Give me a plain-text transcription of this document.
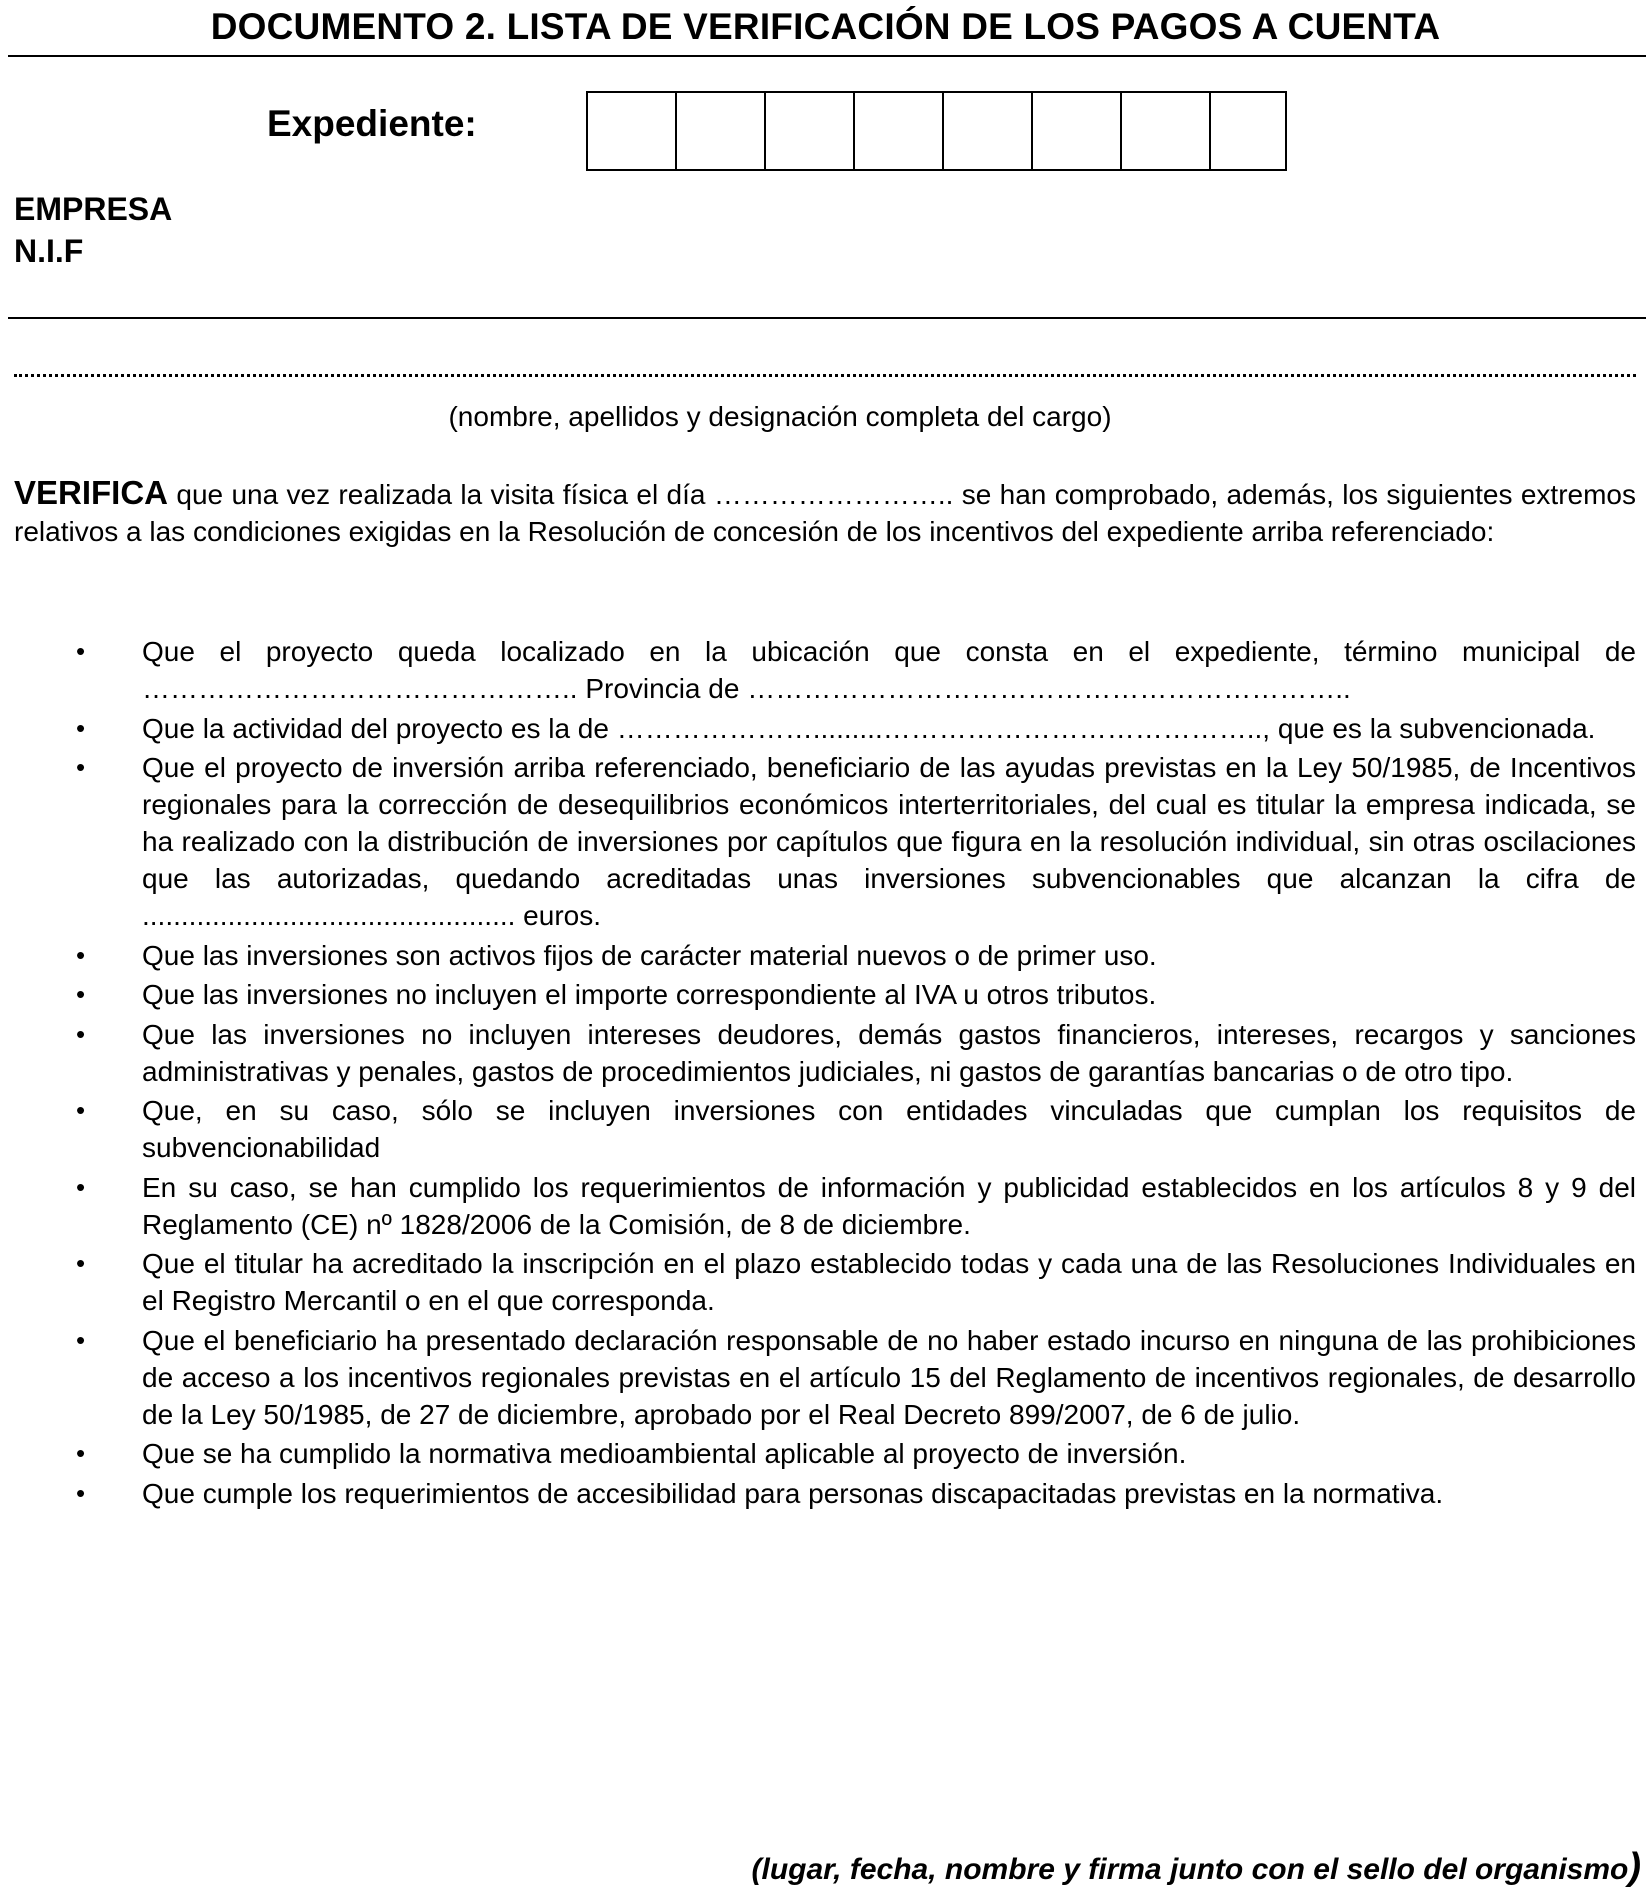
DOCUMENTO 2. LISTA DE VERIFICACIÓN DE LOS PAGOS A CUENTA
Expediente:
EMPRESA
N.I.F
(nombre, apellidos y designación completa del cargo)
VERIFICA que una vez realizada la visita física el día …………………….. se han comprobado, además, los siguientes extremos relativos a las condiciones exigidas en la Resolución de concesión de los incentivos del expediente arriba referenciado:
• Que el proyecto queda localizado en la ubicación que consta en el expediente, término municipal de ……………………………………….. Provincia de ………………………………………………………..
• Que la actividad del proyecto es la de ………………….........………………………………….., que es la subvencionada.
• Que el proyecto de inversión arriba referenciado, beneficiario de las ayudas previstas en la Ley 50/1985, de Incentivos regionales para la corrección de desequilibrios económicos interterritoriales, del cual es titular la empresa indicada, se ha realizado con la distribución de inversiones por capítulos que figura en la resolución individual, sin otras oscilaciones que las autorizadas, quedando acreditadas unas inversiones subvencionables que alcanzan la cifra de ................................................ euros.
• Que las inversiones son activos fijos de carácter material nuevos o de primer uso.
• Que las inversiones no incluyen el importe correspondiente al IVA u otros tributos.
• Que las inversiones no incluyen intereses deudores, demás gastos financieros, intereses, recargos y sanciones administrativas y penales, gastos de procedimientos judiciales, ni gastos de garantías bancarias o de otro tipo.
• Que, en su caso, sólo se incluyen inversiones con entidades vinculadas que cumplan los requisitos de subvencionabilidad
• En su caso, se han cumplido los requerimientos de información y publicidad establecidos en los artículos 8 y 9 del Reglamento (CE) nº 1828/2006 de la Comisión, de 8 de diciembre.
• Que el titular ha acreditado la inscripción en el plazo establecido todas y cada una de las Resoluciones Individuales en el Registro Mercantil o en el que corresponda.
• Que el beneficiario ha presentado declaración responsable de no haber estado incurso en ninguna de las prohibiciones de acceso a los incentivos regionales previstas en el artículo 15 del Reglamento de incentivos regionales, de desarrollo de la Ley 50/1985, de 27 de diciembre, aprobado por el Real Decreto 899/2007, de 6 de julio.
• Que se ha cumplido la normativa medioambiental aplicable al proyecto de inversión.
• Que cumple los requerimientos de accesibilidad para personas discapacitadas previstas en la normativa.
(lugar, fecha, nombre y firma junto con el sello del organismo)
